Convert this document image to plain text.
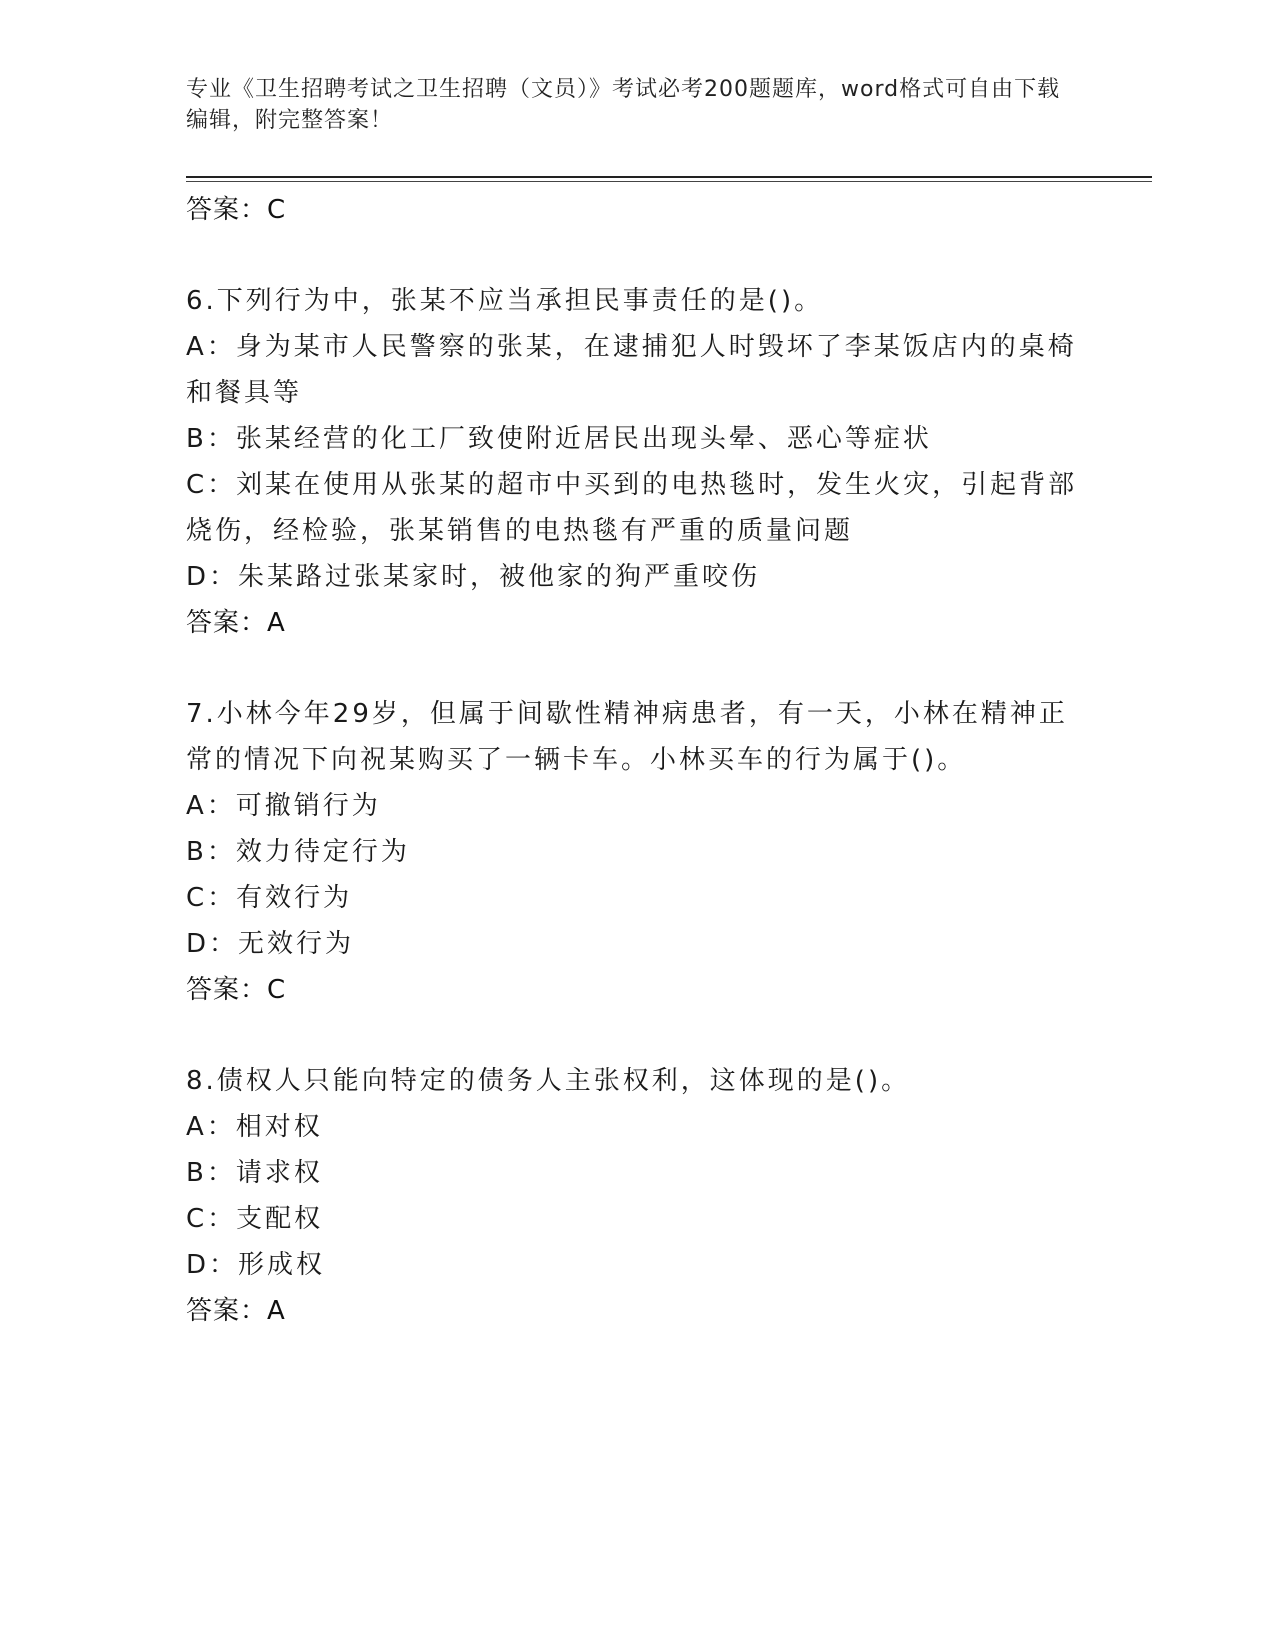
专业《卫生招聘考试之卫生招聘（文员）》考试必考200题题库，word格式可自由下载编辑，附完整答案！
答案：C
6.下列行为中，张某不应当承担民事责任的是()。
A：身为某市人民警察的张某，在逮捕犯人时毁坏了李某饭店内的桌椅
和餐具等
B：张某经营的化工厂致使附近居民出现头晕、恶心等症状
C：刘某在使用从张某的超市中买到的电热毯时，发生火灾，引起背部
烧伤，经检验，张某销售的电热毯有严重的质量问题
D：朱某路过张某家时，被他家的狗严重咬伤
答案：A
7.小林今年29岁，但属于间歇性精神病患者，有一天，小林在精神正
常的情况下向祝某购买了一辆卡车。小林买车的行为属于()。
A：可撤销行为
B：效力待定行为
C：有效行为
D：无效行为
答案：C
8.债权人只能向特定的债务人主张权利，这体现的是()。
A：相对权
B：请求权
C：支配权
D：形成权
答案：A
